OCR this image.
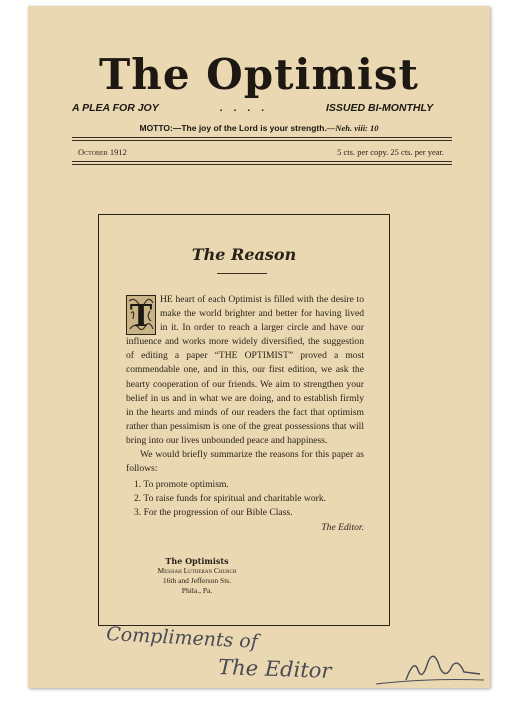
The Optimist
A PLEA FOR JOY	. . . .	ISSUED BI-MONTHLY
MOTTO:—The joy of the Lord is your strength.—Neh. viii: 10
October 1912	5 cts. per copy. 25 cts. per year.
The Reason
T HE heart of each Optimist is filled with the desire to make the world brighter and better for having lived in it. In order to reach a larger circle and have our influence and works more widely diversified, the suggestion of editing a paper “THE OPTIMIST” proved a most commendable one, and in this, our first edition, we ask the hearty cooperation of our friends. We aim to strengthen your belief in us and in what we are doing, and to establish firmly in the hearts and minds of our readers the fact that optimism rather than pessimism is one of the great possessions that will bring into our lives unbounded peace and happiness.

We would briefly summarize the reasons for this paper as follows:

1. To promote optimism.
2. To raise funds for spiritual and charitable work.
3. For the progression of our Bible Class.
The Editor.
The Optimists
Messiah Lutheran Church
16th and Jefferson Sts.
Phila., Pa.
Compliments of
The Editor
